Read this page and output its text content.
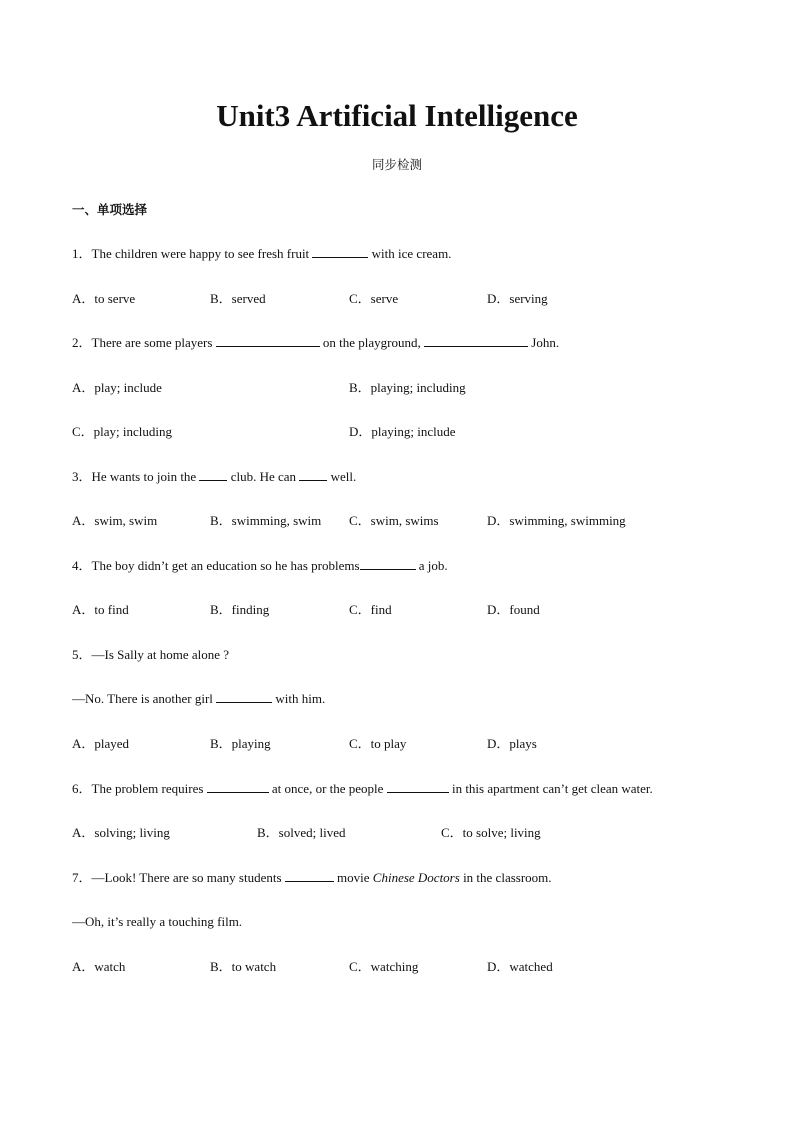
Unit3 Artificial Intelligence
同步检测
一、单项选择
1．The children were happy to see fresh fruit	with ice cream.
A．to serve	B．served	C．serve	D．serving
2．There are some players	on the playground,	John.
A．play; include	B．playing; including
C．play; including	D．playing; include
3．He wants to join the  club. He can  well.
A．swim, swim	B．swimming, swim C．swim, swims	D．swimming, swimming
4．The boy didn’t get an education so he has problems	a job.
A．to find	B．finding	C．find	D．found
5．—Is Sally at home alone ?
—No. There is another girl	with him.
A．played	B．playing	C．to play	D．plays
6．The problem requires	at once, or the people	in this apartment can’t get clean water.
A．solving; living	B．solved; lived	C．to solve; living
7．—Look! There are so many students	movie Chinese Doctors in the classroom.
—Oh, it’s really a touching film.
A．watch	B．to watch	C．watching	D．watched
